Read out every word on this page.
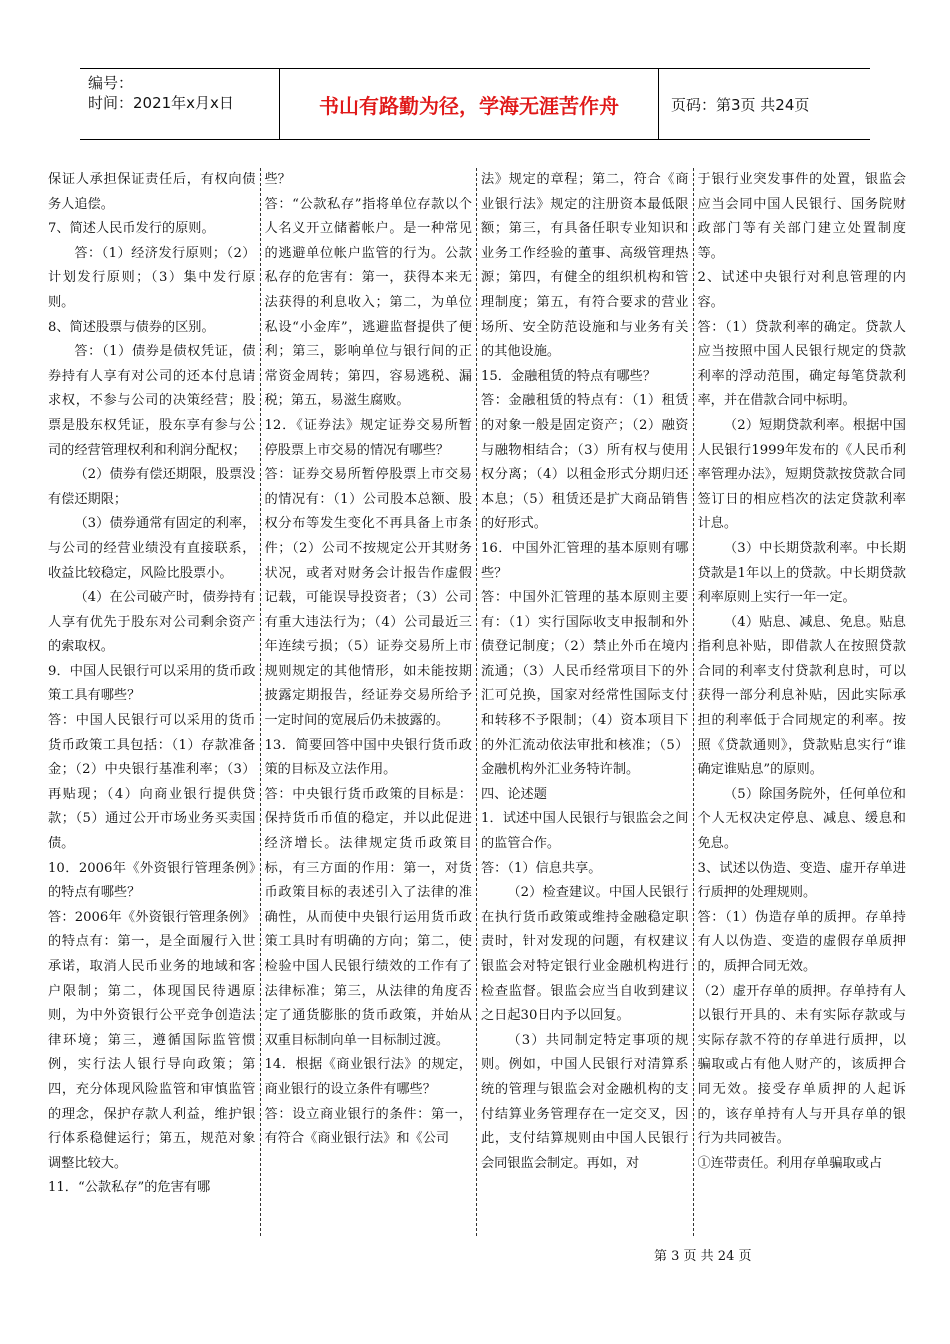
编号：
时间：2021年x月x日	书山有路勤为径，学海无涯苦作舟	页码：第3页 共24页

保证人承担保证责任后，有权向债务人追偿。

7、简述人民币发行的原则。

答：（1）经济发行原则；（2）计划发行原则；（3）集中发行原则。

8、简述股票与债券的区别。

答：（1）债券是债权凭证，债券持有人享有对公司的还本付息请求权，不参与公司的决策经营；股票是股东权凭证，股东享有参与公司的经营管理权利和利润分配权；

（2）债券有偿还期限，股票没有偿还期限；

（3）债券通常有固定的利率，与公司的经营业绩没有直接联系，收益比较稳定，风险比股票小。

（4）在公司破产时，债券持有人享有优先于股东对公司剩余资产的索取权。

9．中国人民银行可以采用的货币政策工具有哪些？

答：中国人民银行可以采用的货币货币政策工具包括：（1）存款准备金；（2）中央银行基准利率；（3）再贴现；（4）向商业银行提供贷款；（5）通过公开市场业务买卖国债。

10．2006年《外资银行管理条例》的特点有哪些？

答：2006年《外资银行管理条例》的特点有：第一，是全面履行入世承诺，取消人民币业务的地域和客户限制；第二，体现国民待遇原则，为中外资银行公平竞争创造法律环境；第三，遵循国际监管惯例，实行法人银行导向政策；第四，充分体现风险监管和审慎监管的理念，保护存款人利益，维护银行体系稳健运行；第五，规范对象调整比较大。

11．“公款私存”的危害有哪

些？

答：“公款私存”指将单位存款以个人名义开立储蓄帐户。是一种常见的逃避单位帐户监管的行为。公款私存的危害有：第一，获得本来无法获得的利息收入；第二，为单位私设“小金库”，逃避监督提供了便利；第三，影响单位与银行间的正常资金周转；第四，容易逃税、漏税；第五，易滋生腐败。

12．《证券法》规定证券交易所暂停股票上市交易的情况有哪些？

答：证券交易所暂停股票上市交易的情况有：（1）公司股本总额、股权分布等发生变化不再具备上市条件；（2）公司不按规定公开其财务状况，或者对财务会计报告作虚假记载，可能误导投资者；（3）公司有重大违法行为；（4）公司最近三年连续亏损；（5）证券交易所上市规则规定的其他情形，如未能按期披露定期报告，经证券交易所给予一定时间的宽展后仍未披露的。

13．简要回答中国中央银行货币政策的目标及立法作用。

答：中央银行货币政策的目标是：保持货币币值的稳定，并以此促进经济增长。法律规定货币政策目标，有三方面的作用：第一，对货币政策目标的表述引入了法律的准确性，从而使中央银行运用货币政策工具时有明确的方向；第二，使检验中国人民银行绩效的工作有了法律标准；第三，从法律的角度否定了通货膨胀的货币政策，并始从双重目标制向单一目标制过渡。

14．根据《商业银行法》的规定，商业银行的设立条件有哪些？

答：设立商业银行的条件：第一，有符合《商业银行法》和《公司

法》规定的章程；第二，符合《商业银行法》规定的注册资本最低限额；第三，有具备任职专业知识和业务工作经验的董事、高级管理热源；第四，有健全的组织机构和管理制度；第五，有符合要求的营业场所、安全防范设施和与业务有关的其他设施。

15．金融租赁的特点有哪些？

答：金融租赁的特点有：（1）租赁的对象一般是固定资产；（2）融资与融物相结合；（3）所有权与使用权分离；（4）以租金形式分期归还本息；（5）租赁还是扩大商品销售的好形式。

16．中国外汇管理的基本原则有哪些？

答：中国外汇管理的基本原则主要有：（1）实行国际收支申报制和外债登记制度；（2）禁止外币在境内流通；（3）人民币经常项目下的外汇可兑换，国家对经常性国际支付和转移不予限制；（4）资本项目下的外汇流动依法审批和核准；（5）金融机构外汇业务特许制。

四、论述题

1．试述中国人民银行与银监会之间的监管合作。

答：（1）信息共享。

（2）检查建议。中国人民银行在执行货币政策或维持金融稳定职责时，针对发现的问题，有权建议银监会对特定银行业金融机构进行检查监督。银监会应当自收到建议之日起30日内予以回复。

（3）共同制定特定事项的规则。例如，中国人民银行对清算系统的管理与银监会对金融机构的支付结算业务管理存在一定交叉，因此，支付结算规则由中国人民银行会同银监会制定。再如，对

于银行业突发事件的处置，银监会应当会同中国人民银行、国务院财政部门等有关部门建立处置制度等。

2、试述中央银行对利息管理的内容。

答：（1）贷款利率的确定。贷款人应当按照中国人民银行规定的贷款利率的浮动范围，确定每笔贷款利率，并在借款合同中标明。

（2）短期贷款利率。根据中国人民银行1999年发布的《人民币利率管理办法》，短期贷款按贷款合同签订日的相应档次的法定贷款利率计息。

（3）中长期贷款利率。中长期贷款是1年以上的贷款。中长期贷款利率原则上实行一年一定。

（4）贴息、减息、免息。贴息指利息补贴，即借款人在按照贷款合同的利率支付贷款利息时，可以获得一部分利息补贴，因此实际承担的利率低于合同规定的利率。按照《贷款通则》，贷款贴息实行“谁确定谁贴息”的原则。

（5）除国务院外，任何单位和个人无权决定停息、减息、缓息和免息。

3、试述以伪造、变造、虚开存单进行质押的处理规则。

答：（1）伪造存单的质押。存单持有人以伪造、变造的虚假存单质押的，质押合同无效。

（2）虚开存单的质押。存单持有人以银行开具的、未有实际存款或与实际存款不符的存单进行质押，以骗取或占有他人财产的，该质押合同无效。接受存单质押的人起诉的，该存单持有人与开具存单的银行为共同被告。

①连带责任。利用存单骗取或占

第 3 页 共 24 页
